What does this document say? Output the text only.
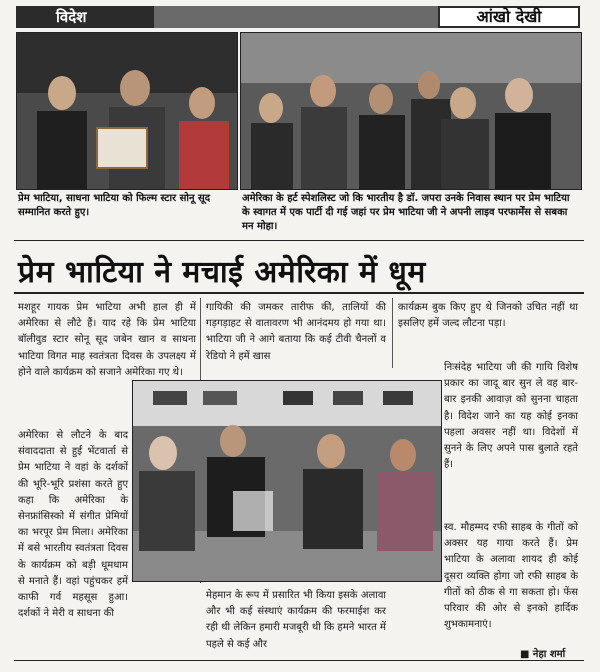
विदेश	आंखो देखी
प्रेम भाटिया, साधना भाटिया को फिल्म स्टार सोनू सूद सम्मानित करते हुए।
अमेरिका के हर्ट स्पेशलिस्ट जो कि भारतीय है डॉ. जपरा उनके निवास स्थान पर प्रेम भाटिया के स्वागत में एक पार्टी दी गई जहां पर प्रेम भाटिया जी ने अपनी लाइव परफार्मेंस से सबका मन मोहा।
प्रेम भाटिया ने मचाई अमेरिका में धूम
मशहूर गायक प्रेम भाटिया अभी हाल ही में अमेरिका से लौटे हैं। याद रहे कि प्रेम भाटिया बॉलीवुड स्टार सोनू सूद जबेन खान व साधना भाटिया विगत माह स्वतंत्रता दिवस के उपलक्ष्य में होने वाले कार्यक्रम को सजाने अमेरिका गए थे।
अमेरिका से लौटने के बाद संवाददाता से हुई भेंटवार्ता से प्रेम भाटिया ने वहां के दर्शकों की भूरि-भूरि प्रशंसा करते हुए कहा कि अमेरिका के सेनफ्रांसिस्को में संगीत प्रेमियों का भरपूर प्रेम मिला। अमेरिका में बसे भारतीय स्वतंत्रता दिवस के कार्यक्रम को बड़ी धूमधाम से मनाते हैं। वहां पहुंचकर हमें काफी गर्व महसूस हुआ। दर्शकों ने मेरी व साधना की
गायिकी की जमकर तारीफ की, तालियों की गड़गड़ाहट से वातावरण भी आनंदमय हो गया था। भाटिया जी ने आगे बताया कि कई टीवी चैनलों व रेडियो ने हमें खास
मेहमान के रूप में प्रसारित भी किया इसके अलावा और भी कई संस्थाएं कार्यक्रम की फरमाईश कर रही थी लेकिन हमारी मजबूरी थी कि हमने भारत में पहले से कई और
कार्यक्रम बुक किए हुए थे जिनको उचित नहीं था इसलिए हमें जल्द लौटना पड़ा।
निःसंदेह भाटिया जी की गायि विशेष प्रकार का जादू बार सुन ले वह बार-बार इनकी आवाज़ को सुनना चाहता है। विदेश जाने का यह कोई इनका पहला अवसर नहीं था। विदेशों में सुनने के लिए अपने पास बुलाते रहते हैं।
स्व. मौहम्मद रफी साहब के गीतों को अक्सर यह गाया करते हैं। प्रेम भाटिया के अलावा शायद ही कोई दूसरा व्यक्ति होगा जो रफी साहब के गीतों को ठीक से गा सकता हो। फेंस परिवार की ओर से इनको हार्दिक शुभकामनाएं।
■ नेहा शर्मा
